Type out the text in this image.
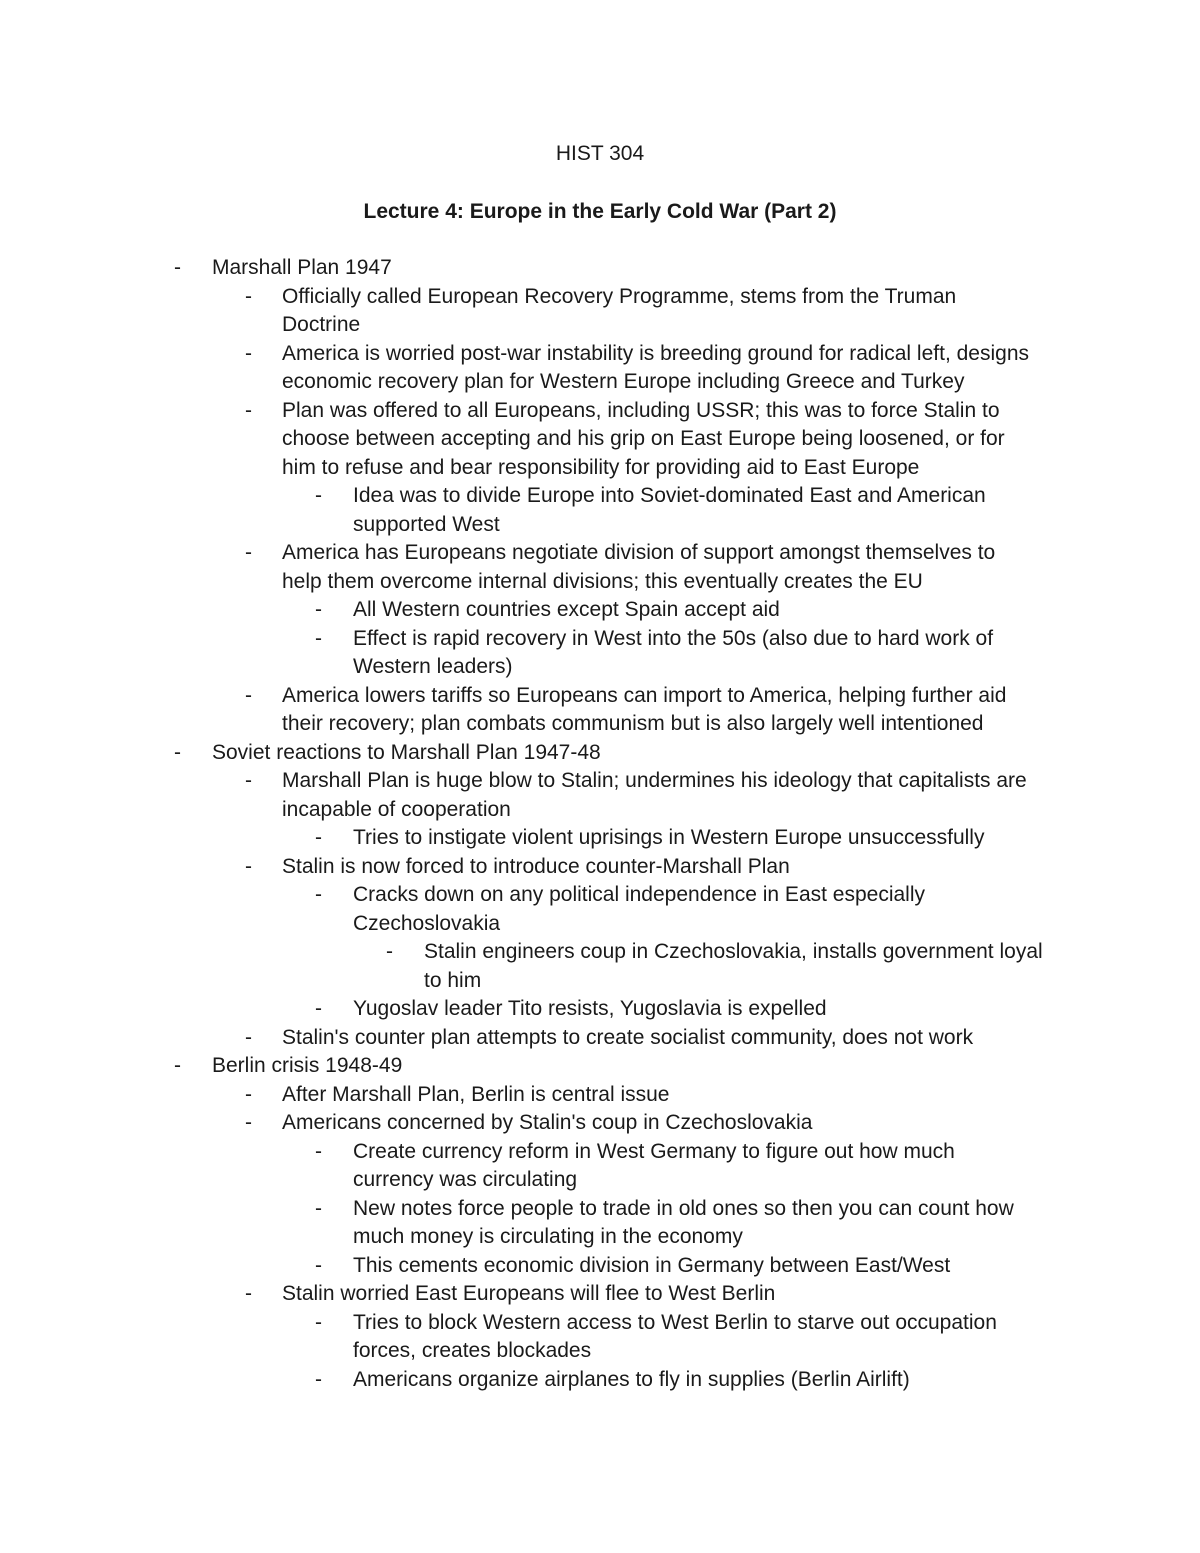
HIST 304
Lecture 4: Europe in the Early Cold War (Part 2)
- Marshall Plan 1947
- Officially called European Recovery Programme, stems from the Truman
Doctrine
- America is worried post-war instability is breeding ground for radical left, designs
economic recovery plan for Western Europe including Greece and Turkey
- Plan was offered to all Europeans, including USSR; this was to force Stalin to
choose between accepting and his grip on East Europe being loosened, or for
him to refuse and bear responsibility for providing aid to East Europe
- Idea was to divide Europe into Soviet-dominated East and American
supported West
- America has Europeans negotiate division of support amongst themselves to
help them overcome internal divisions; this eventually creates the EU
- All Western countries except Spain accept aid
- Effect is rapid recovery in West into the 50s (also due to hard work of
Western leaders)
- America lowers tariffs so Europeans can import to America, helping further aid
their recovery; plan combats communism but is also largely well intentioned
- Soviet reactions to Marshall Plan 1947-48
- Marshall Plan is huge blow to Stalin; undermines his ideology that capitalists are
incapable of cooperation
- Tries to instigate violent uprisings in Western Europe unsuccessfully
- Stalin is now forced to introduce counter-Marshall Plan
- Cracks down on any political independence in East especially
Czechoslovakia
- Stalin engineers coup in Czechoslovakia, installs government loyal
to him
- Yugoslav leader Tito resists, Yugoslavia is expelled
- Stalin's counter plan attempts to create socialist community, does not work
- Berlin crisis 1948-49
- After Marshall Plan, Berlin is central issue
- Americans concerned by Stalin's coup in Czechoslovakia
- Create currency reform in West Germany to figure out how much
currency was circulating
- New notes force people to trade in old ones so then you can count how
much money is circulating in the economy
- This cements economic division in Germany between East/West
- Stalin worried East Europeans will flee to West Berlin
- Tries to block Western access to West Berlin to starve out occupation
forces, creates blockades
- Americans organize airplanes to fly in supplies (Berlin Airlift)
